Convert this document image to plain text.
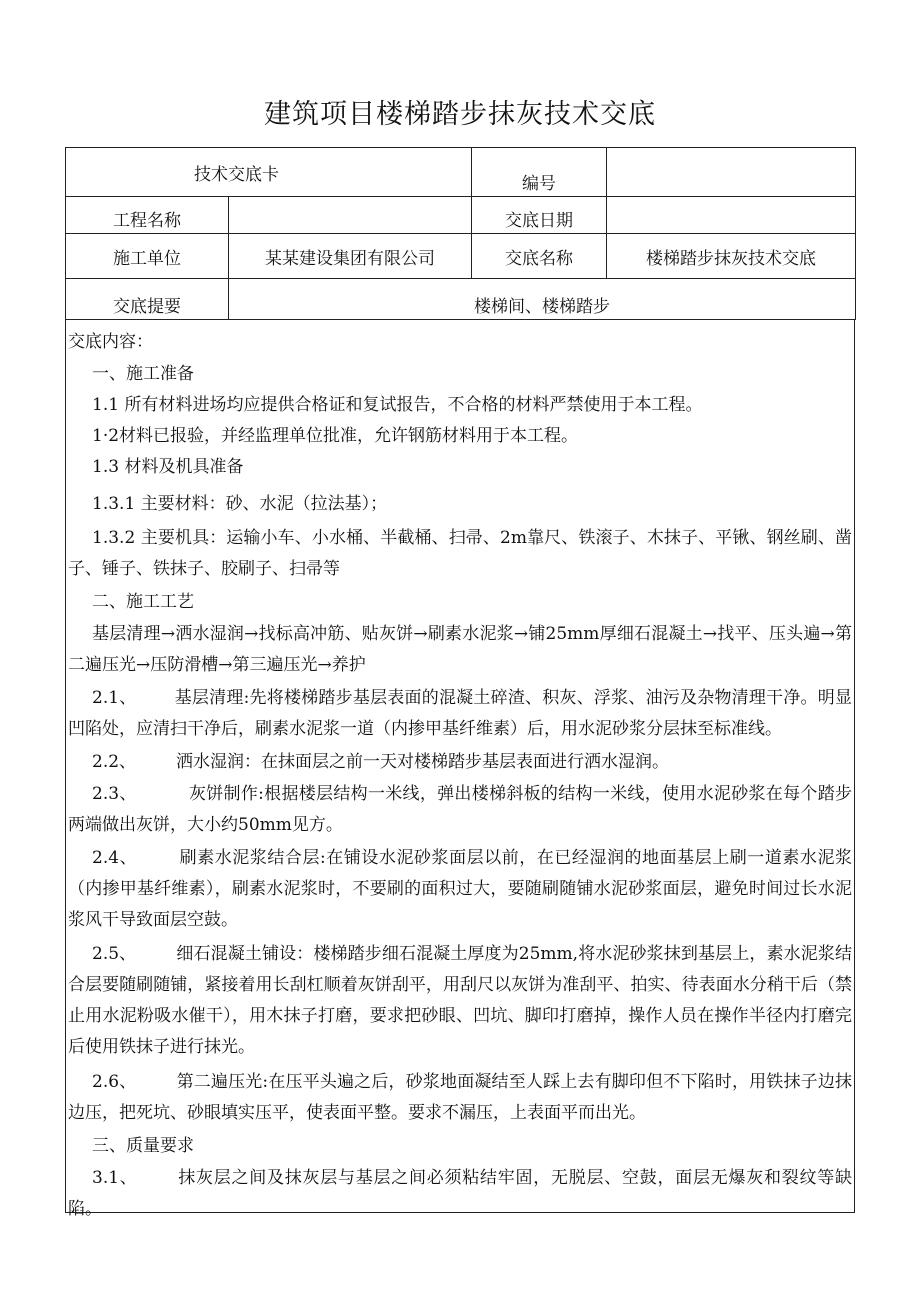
建筑项目楼梯踏步抹灰技术交底
技术交底卡		编号	

工程名称		交底日期	

施工单位	某某建设集团有限公司	交底名称	楼梯踏步抹灰技术交底

交底提要	楼梯间、楼梯踏步		

交底内容：

一、施工准备

1.1 所有材料进场均应提供合格证和复试报告，不合格的材料严禁使用于本工程。

1·2材料已报验，并经监理单位批准，允许钢筋材料用于本工程。

1.3 材料及机具准备

1.3.1 主要材料：砂、水泥（拉法基）；

1.3.2 主要机具：运输小车、小水桶、半截桶、扫帚、2m靠尺、铁滚子、木抹子、平锹、钢丝刷、凿子、锤子、铁抹子、胶刷子、扫帚等

二、施工工艺

基层清理→洒水湿润→找标高冲筋、贴灰饼→刷素水泥浆→铺25mm厚细石混凝土→找平、压头遍→第二遍压光→压防滑槽→第三遍压光→养护

2.1、 基层清理:先将楼梯踏步基层表面的混凝土碎渣、积灰、浮浆、油污及杂物清理干净。明显凹陷处，应清扫干净后，刷素水泥浆一道（内掺甲基纤维素）后，用水泥砂浆分层抹至标准线。

2.2、 洒水湿润：在抹面层之前一天对楼梯踏步基层表面进行洒水湿润。

2.3、	灰饼制作:根据楼层结构一米线，弹出楼梯斜板的结构一米线，使用水泥砂浆在每个踏步两端做出灰饼，大小约50mm见方。

2.4、 刷素水泥浆结合层:在铺设水泥砂浆面层以前，在已经湿润的地面基层上刷一道素水泥浆（内掺甲基纤维素），刷素水泥浆时，不要刷的面积过大，要随刷随铺水泥砂浆面层，避免时间过长水泥浆风干导致面层空鼓。

2.5、 细石混凝土铺设：楼梯踏步细石混凝土厚度为25mm,将水泥砂浆抹到基层上，素水泥浆结合层要随刷随铺，紧接着用长刮杠顺着灰饼刮平，用刮尺以灰饼为准刮平、拍实、待表面水分稍干后（禁止用水泥粉吸水催干），用木抹子打磨，要求把砂眼、凹坑、脚印打磨掉，操作人员在操作半径内打磨完后使用铁抹子进行抹光。

2.6、 第二遍压光:在压平头遍之后，砂浆地面凝结至人踩上去有脚印但不下陷时，用铁抹子边抹边压，把死坑、砂眼填实压平，使表面平整。要求不漏压，上表面平而出光。

三、质量要求

3.1、 抹灰层之间及抹灰层与基层之间必须粘结牢固，无脱层、空鼓，面层无爆灰和裂纹等缺陷。
